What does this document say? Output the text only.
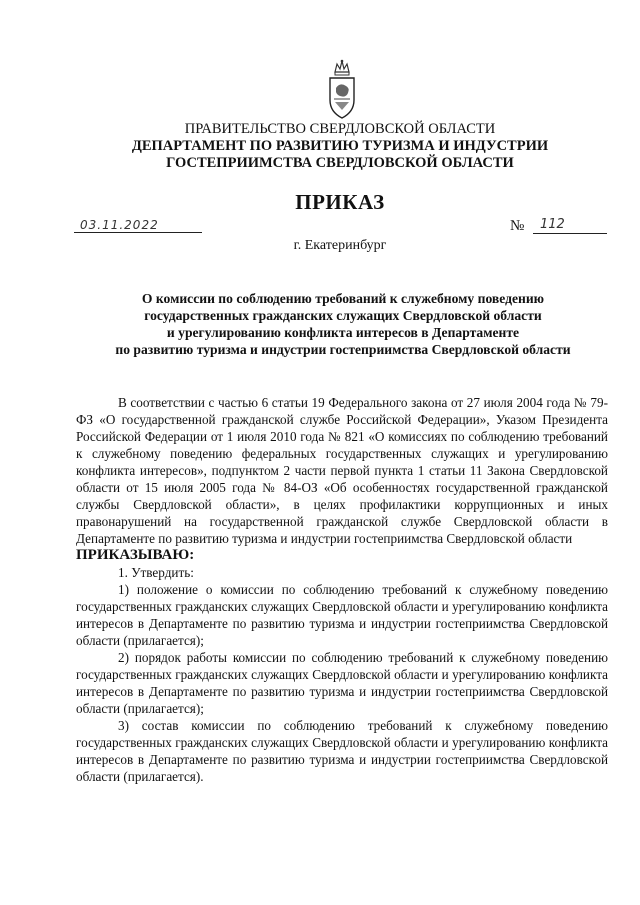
ПРАВИТЕЛЬСТВО СВЕРДЛОВСКОЙ ОБЛАСТИ
ДЕПАРТАМЕНТ ПО РАЗВИТИЮ ТУРИЗМА И ИНДУСТРИИ
ГОСТЕПРИИМСТВА СВЕРДЛОВСКОЙ ОБЛАСТИ
ПРИКАЗ
03.11.2022	№ 112
г. Екатеринбург
О комиссии по соблюдению требований к служебному поведению
государственных гражданских служащих Свердловской области
и урегулированию конфликта интересов в Департаменте
по развитию туризма и индустрии гостеприимства Свердловской области

В соответствии с частью 6 статьи 19 Федерального закона от 27 июля 2004 года № 79-ФЗ «О государственной гражданской службе Российской Федерации», Указом Президента Российской Федерации от 1 июля 2010 года № 821 «О комиссиях по соблюдению требований к служебному поведению федеральных государственных служащих и урегулированию конфликта интересов», подпунктом 2 части первой пункта 1 статьи 11 Закона Свердловской области от 15 июля 2005 года № 84-ОЗ «Об особенностях государственной гражданской службы Свердловской области», в целях профилактики коррупционных и иных правонарушений на государственной гражданской службе Свердловской области в Департаменте по развитию туризма и индустрии гостеприимства Свердловской области

ПРИКАЗЫВАЮ:

1. Утвердить:

1) положение о комиссии по соблюдению требований к служебному поведению государственных гражданских служащих Свердловской области и урегулированию конфликта интересов в Департаменте по развитию туризма и индустрии гостеприимства Свердловской области (прилагается);

2) порядок работы комиссии по соблюдению требований к служебному поведению государственных гражданских служащих Свердловской области и урегулированию конфликта интересов в Департаменте по развитию туризма и индустрии гостеприимства Свердловской области (прилагается);

3) состав комиссии по соблюдению требований к служебному поведению государственных гражданских служащих Свердловской области и урегулированию конфликта интересов в Департаменте по развитию туризма и индустрии гостеприимства Свердловской области (прилагается).
